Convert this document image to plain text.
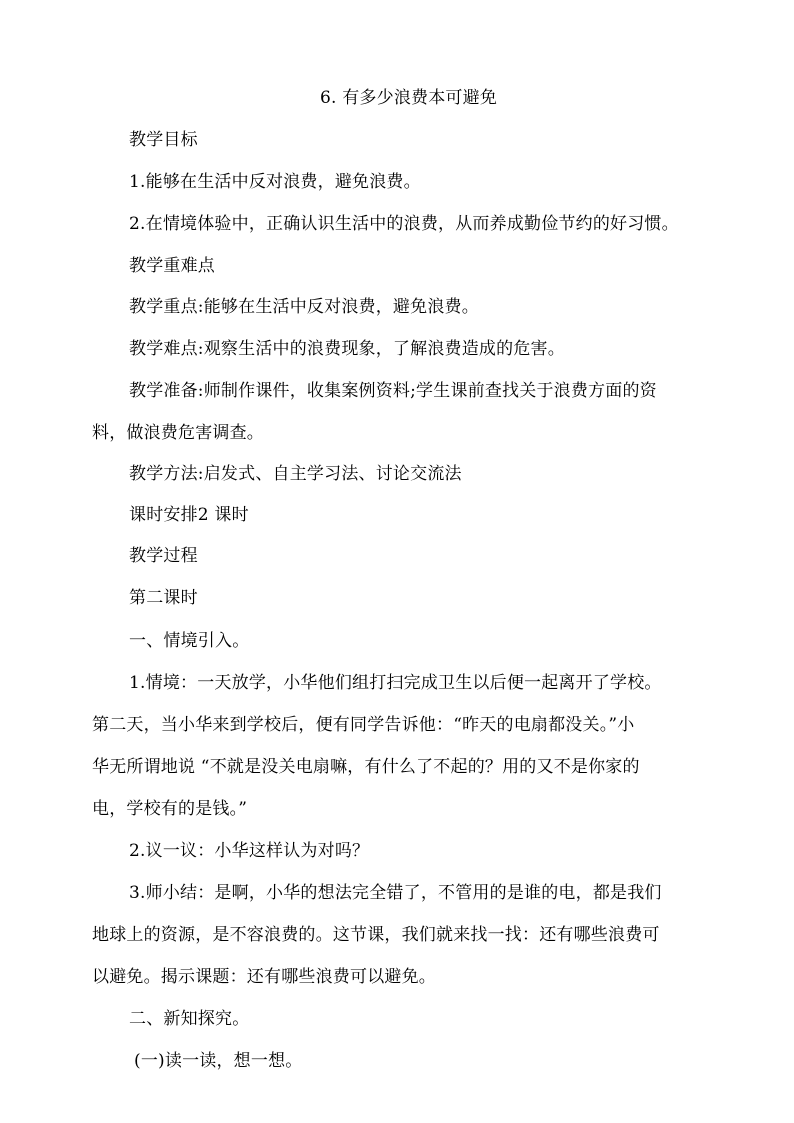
6. 有多少浪费本可避免
教学目标
1.能够在生活中反对浪费，避免浪费。
2.在情境体验中，正确认识生活中的浪费，从而养成勤俭节约的好习惯。
教学重难点
教学重点:能够在生活中反对浪费，避免浪费。
教学难点:观察生活中的浪费现象，了解浪费造成的危害。
教学准备:师制作课件，收集案例资料;学生课前查找关于浪费方面的资
料，做浪费危害调查。
教学方法:启发式、自主学习法、讨论交流法
课时安排2 课时
教学过程
第二课时
一、情境引入。
1.情境：一天放学，小华他们组打扫完成卫生以后便一起离开了学校。
第二天，当小华来到学校后，便有同学告诉他：“昨天的电扇都没关。”小
华无所谓地说 “不就是没关电扇嘛，有什么了不起的？用的又不是你家的
电，学校有的是钱。”
2.议一议：小华这样认为对吗？
3.师小结：是啊，小华的想法完全错了，不管用的是谁的电，都是我们
地球上的资源，是不容浪费的。这节课，我们就来找一找：还有哪些浪费可
以避免。揭示课题：还有哪些浪费可以避免。
二、新知探究。
(一)读一读，想一想。
